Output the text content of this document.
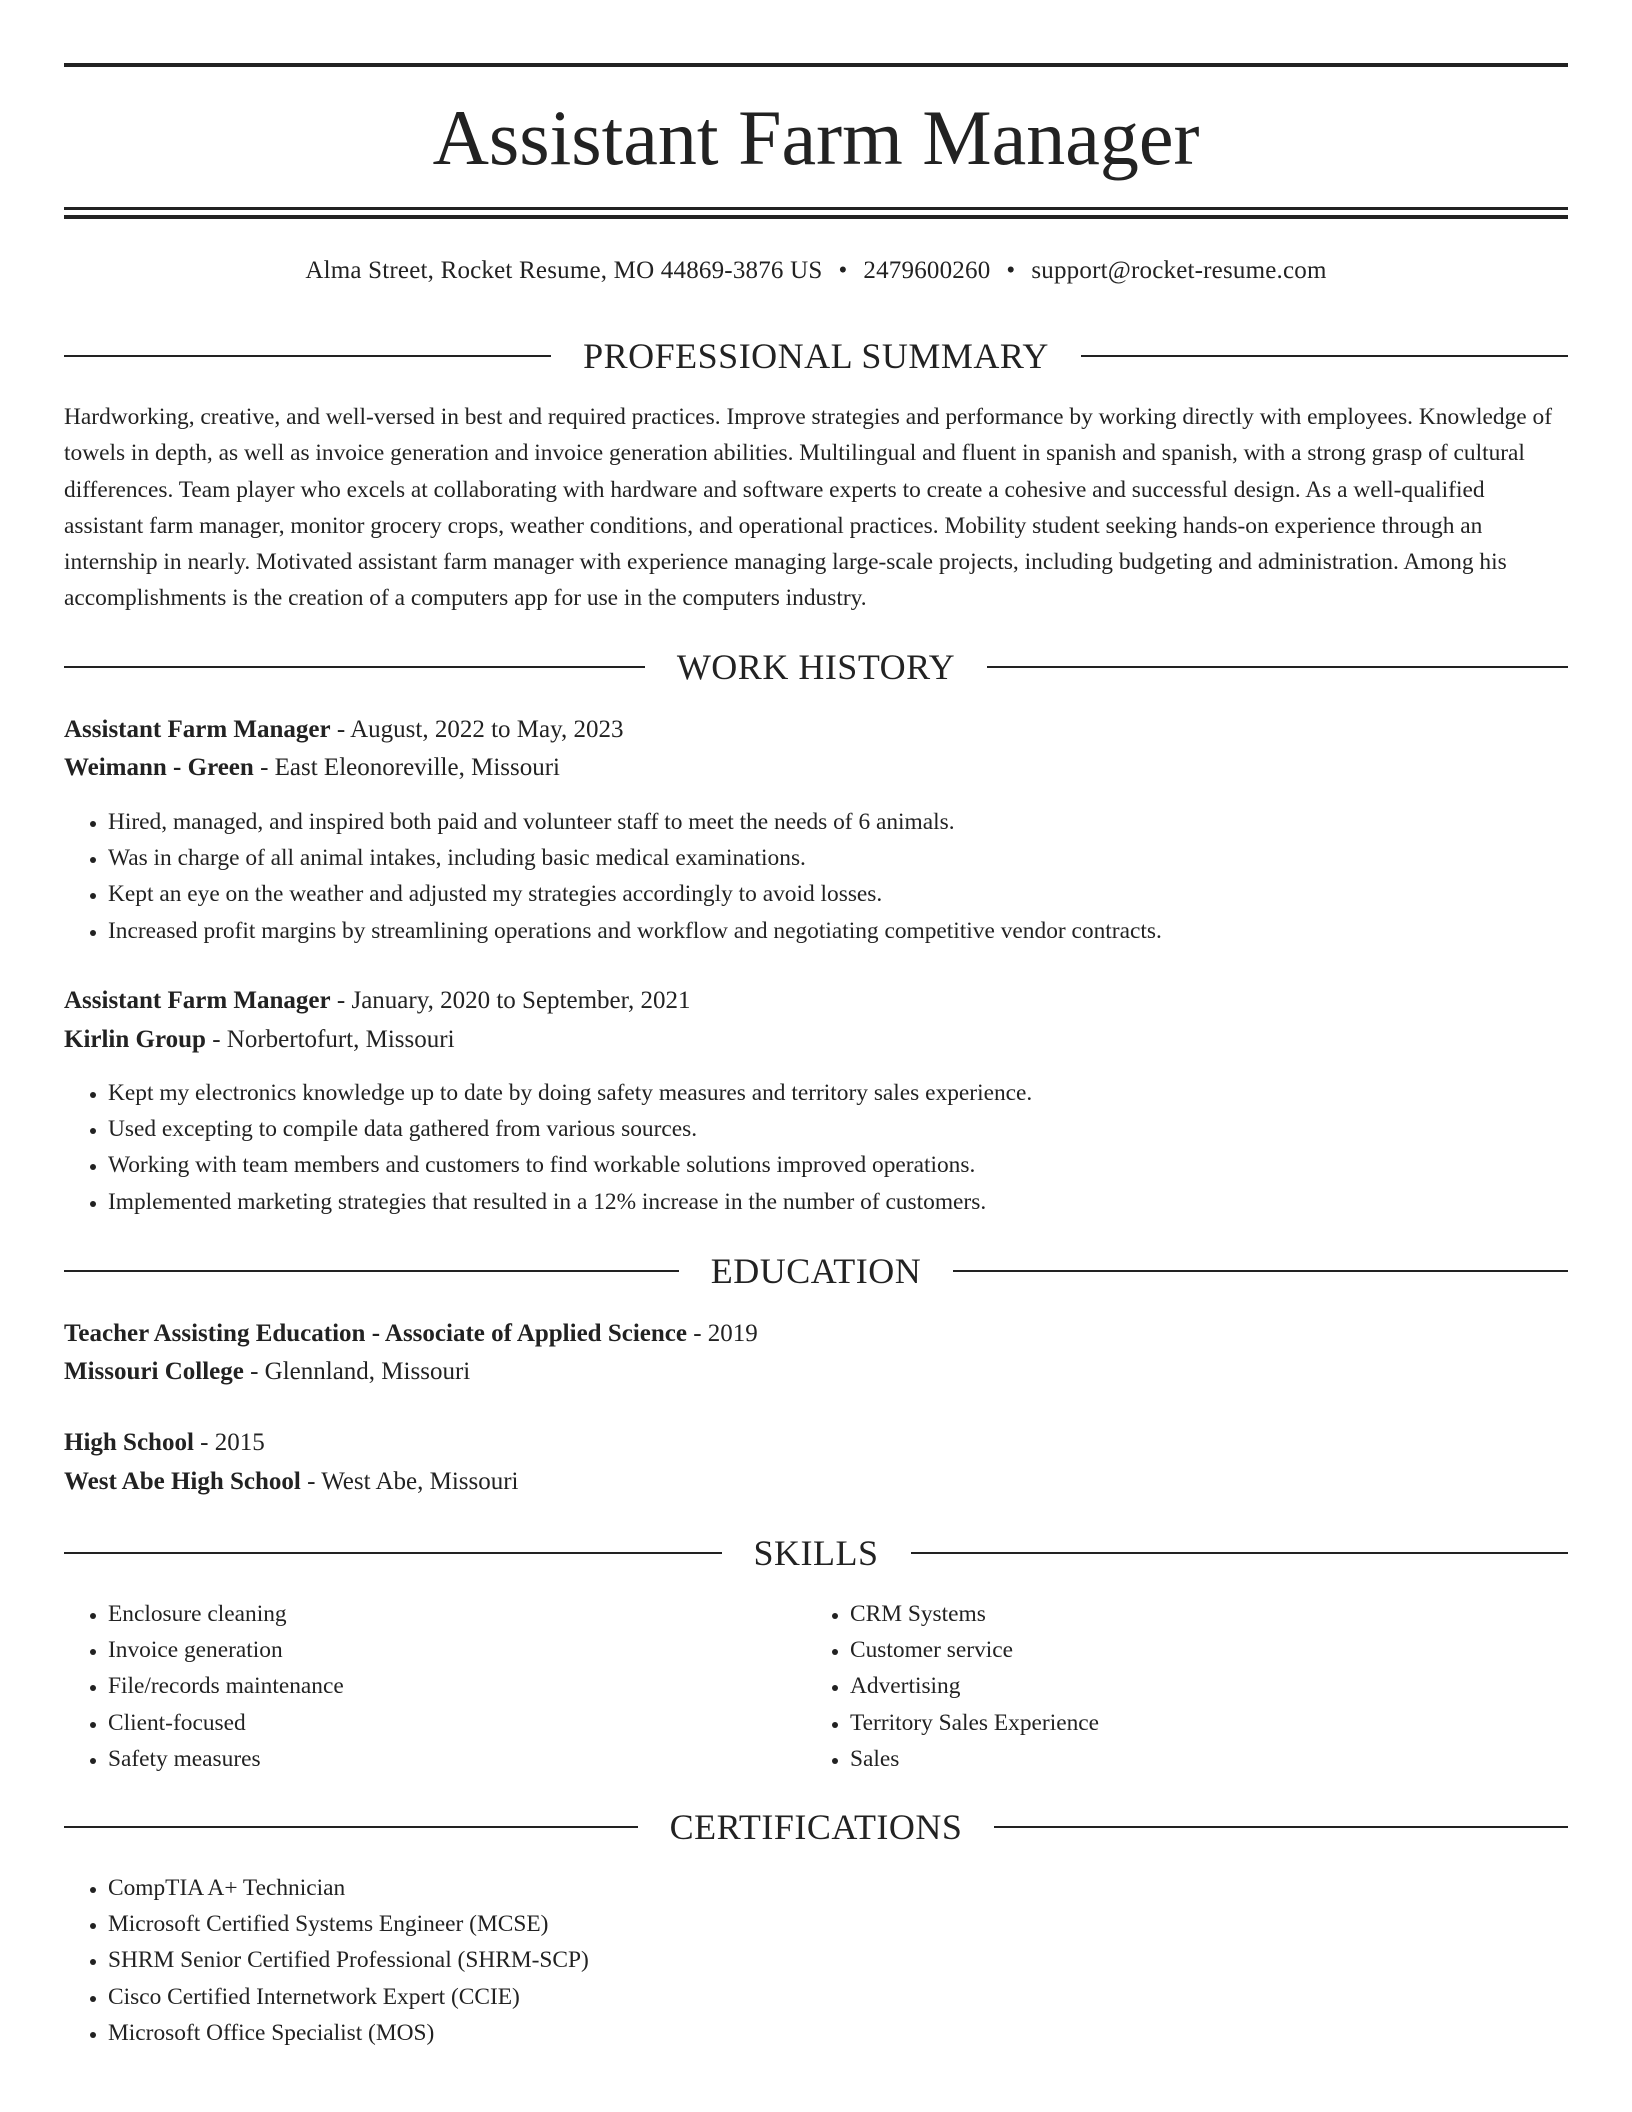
Assistant Farm Manager
Alma Street, Rocket Resume, MO 44869-3876 US • 2479600260 • support@rocket-resume.com
PROFESSIONAL SUMMARY

Hardworking, creative, and well-versed in best and required practices. Improve strategies and performance by working directly with employees. Knowledge of towels in depth, as well as invoice generation and invoice generation abilities. Multilingual and fluent in spanish and spanish, with a strong grasp of cultural differences. Team player who excels at collaborating with hardware and software experts to create a cohesive and successful design. As a well-qualified assistant farm manager, monitor grocery crops, weather conditions, and operational practices. Mobility student seeking hands-on experience through an internship in nearly. Motivated assistant farm manager with experience managing large-scale projects, including budgeting and administration. Among his accomplishments is the creation of a computers app for use in the computers industry.

WORK HISTORY
Assistant Farm Manager - August, 2022 to May, 2023
Weimann - Green - East Eleonoreville, Missouri
• Hired, managed, and inspired both paid and volunteer staff to meet the needs of 6 animals.
• Was in charge of all animal intakes, including basic medical examinations.
• Kept an eye on the weather and adjusted my strategies accordingly to avoid losses.
• Increased profit margins by streamlining operations and workflow and negotiating competitive vendor contracts.
Assistant Farm Manager - January, 2020 to September, 2021
Kirlin Group - Norbertofurt, Missouri
• Kept my electronics knowledge up to date by doing safety measures and territory sales experience.
• Used excepting to compile data gathered from various sources.
• Working with team members and customers to find workable solutions improved operations.
• Implemented marketing strategies that resulted in a 12% increase in the number of customers.
EDUCATION
Teacher Assisting Education - Associate of Applied Science - 2019
Missouri College - Glennland, Missouri
High School - 2015
West Abe High School - West Abe, Missouri
SKILLS
• Enclosure cleaning
• Invoice generation
• File/records maintenance
• Client-focused
• Safety measures
• CRM Systems
• Customer service
• Advertising
• Territory Sales Experience
• Sales
CERTIFICATIONS
• CompTIA A+ Technician
• Microsoft Certified Systems Engineer (MCSE)
• SHRM Senior Certified Professional (SHRM-SCP)
• Cisco Certified Internetwork Expert (CCIE)
• Microsoft Office Specialist (MOS)
